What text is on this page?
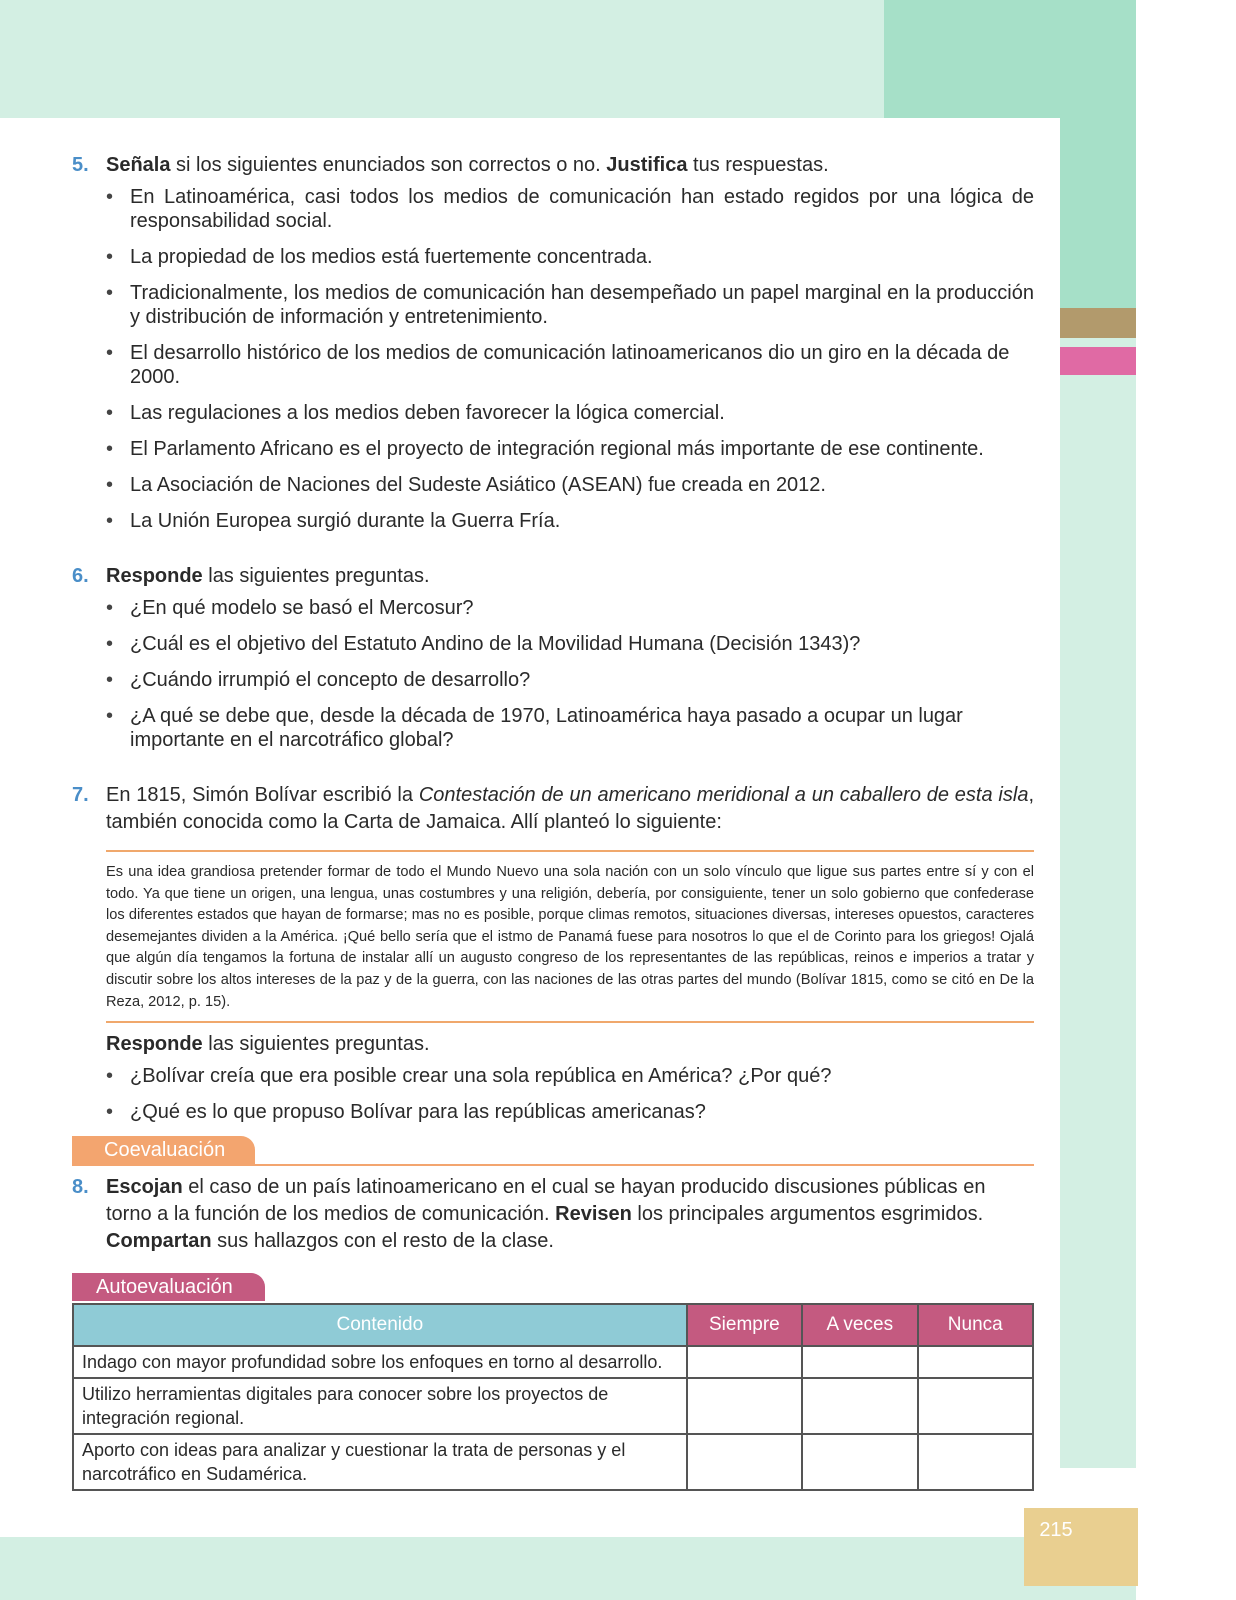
215
5. Señala si los siguientes enunciados son correctos o no. Justifica tus respuestas.

• En Latinoamérica, casi todos los medios de comunicación han estado regidos por una lógica de responsabilidad social.
• La propiedad de los medios está fuertemente concentrada.
• Tradicionalmente, los medios de comunicación han desempeñado un papel marginal en la producción y distribución de información y entretenimiento.
• El desarrollo histórico de los medios de comunicación latinoamericanos dio un giro en la década de 2000.
• Las regulaciones a los medios deben favorecer la lógica comercial.
• El Parlamento Africano es el proyecto de integración regional más importante de ese continente.
• La Asociación de Naciones del Sudeste Asiático (ASEAN) fue creada en 2012.
• La Unión Europea surgió durante la Guerra Fría.
6. Responde las siguientes preguntas.

• ¿En qué modelo se basó el Mercosur?
• ¿Cuál es el objetivo del Estatuto Andino de la Movilidad Humana (Decisión 1343)?
• ¿Cuándo irrumpió el concepto de desarrollo?
• ¿A qué se debe que, desde la década de 1970, Latinoamérica haya pasado a ocupar un lugar importante en el narcotráfico global?
7. En 1815, Simón Bolívar escribió la Contestación de un americano meridional a un caballero de esta isla, también conocida como la Carta de Jamaica. Allí planteó lo siguiente:

Es una idea grandiosa pretender formar de todo el Mundo Nuevo una sola nación con un solo vínculo que ligue sus partes entre sí y con el todo. Ya que tiene un origen, una lengua, unas costumbres y una religión, debería, por consiguiente, tener un solo gobierno que confederase los diferentes estados que hayan de formarse; mas no es posible, porque climas remotos, situaciones diversas, intereses opuestos, caracteres desemejantes dividen a la América. ¡Qué bello sería que el istmo de Panamá fuese para nosotros lo que el de Corinto para los griegos! Ojalá que algún día tengamos la fortuna de instalar allí un augusto congreso de los representantes de las repúblicas, reinos e imperios a tratar y discutir sobre los altos intereses de la paz y de la guerra, con las naciones de las otras partes del mundo (Bolívar 1815, como se citó en De la Reza, 2012, p. 15).

Responde las siguientes preguntas.

• ¿Bolívar creía que era posible crear una sola república en América? ¿Por qué?
• ¿Qué es lo que propuso Bolívar para las repúblicas americanas?
Coevaluación
8. Escojan el caso de un país latinoamericano en el cual se hayan producido discusiones públicas en torno a la función de los medios de comunicación. Revisen los principales argumentos esgrimidos. Compartan sus hallazgos con el resto de la clase.

Autoevaluación
Contenido	Siempre	A veces	Nunca
Indago con mayor profundidad sobre los enfoques en torno al desarrollo.			
Utilizo herramientas digitales para conocer sobre los proyectos de integración regional.			
Aporto con ideas para analizar y cuestionar la trata de personas y el narcotráfico en Sudamérica.			
